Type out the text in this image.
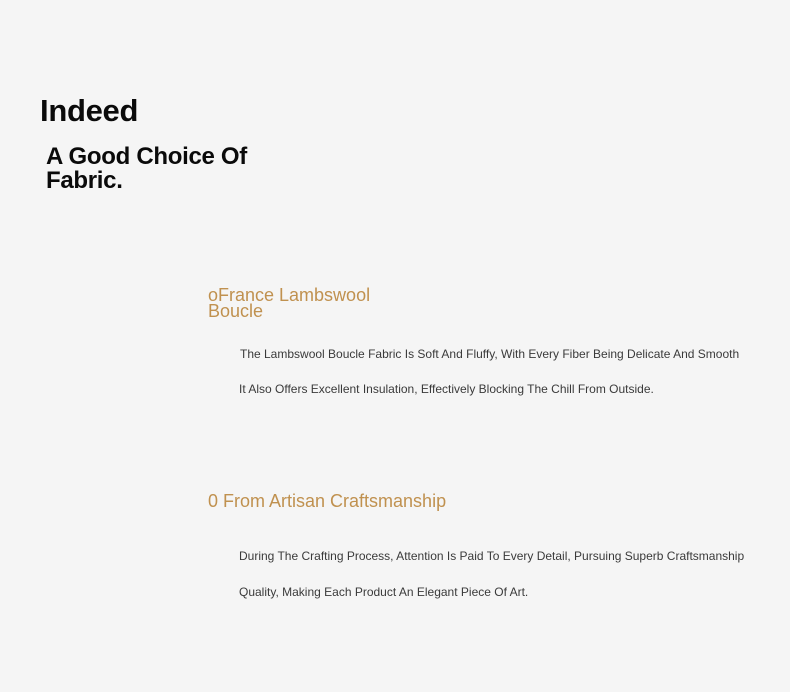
Indeed
A Good Choice Of Fabric.
oFrance Lambswool Boucle
The Lambswool Boucle Fabric Is Soft And Fluffy, With Every Fiber Being Delicate And Smooth
It Also Offers Excellent Insulation, Effectively Blocking The Chill From Outside.
0 From Artisan Craftsmanship
During The Crafting Process, Attention Is Paid To Every Detail, Pursuing Superb Craftsmanship
Quality, Making Each Product An Elegant Piece Of Art.
